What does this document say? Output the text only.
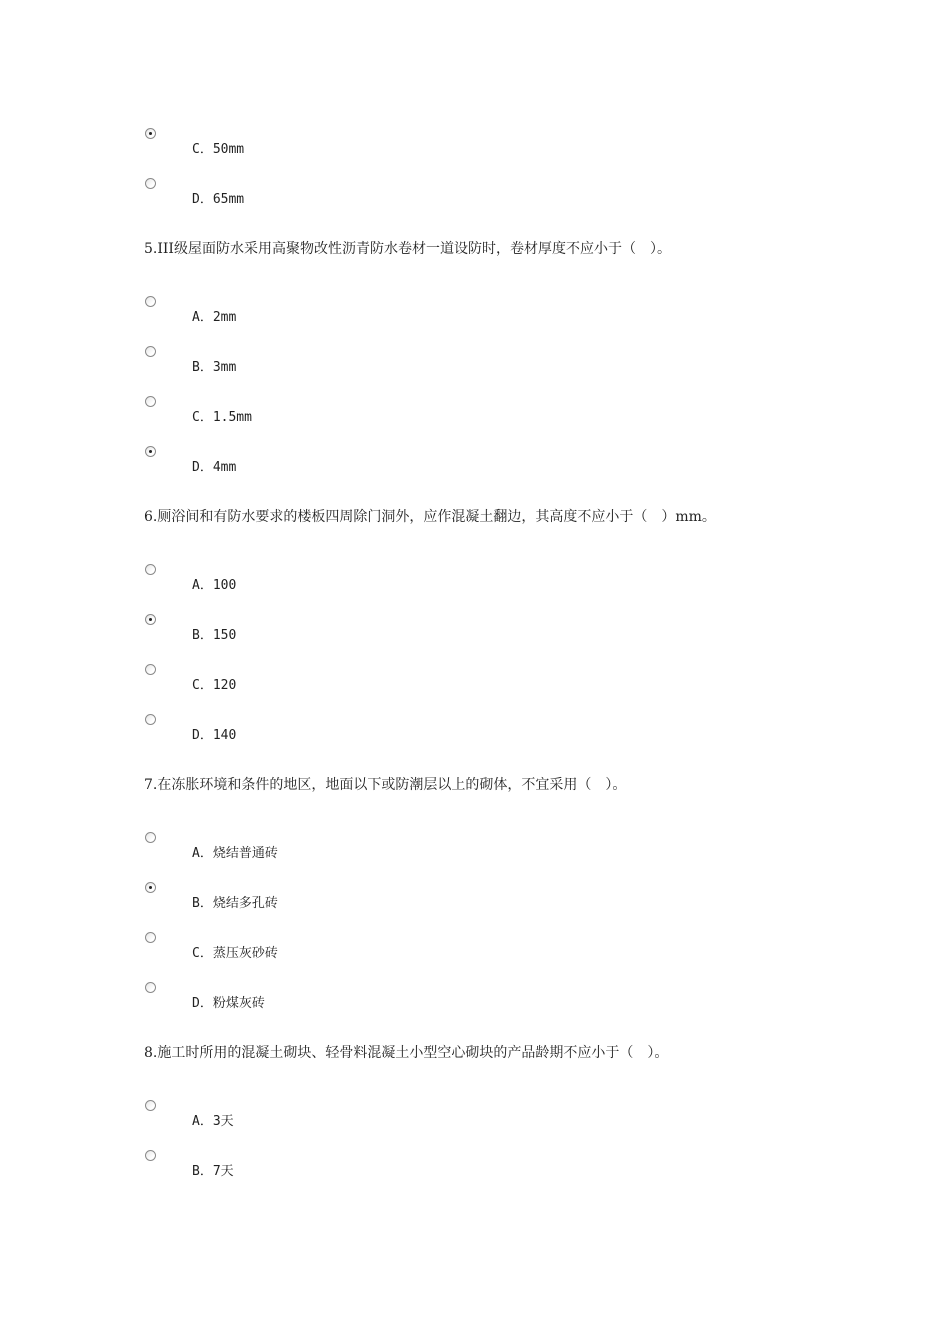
C．50mm
D．65mm
5.III级屋面防水采用高聚物改性沥青防水卷材一道设防时，卷材厚度不应小于（　）。
A．2mm
B．3mm
C．1.5mm
D．4mm
6.厕浴间和有防水要求的楼板四周除门洞外，应作混凝土翻边，其高度不应小于（　）mm。
A．100
B．150
C．120
D．140
7.在冻胀环境和条件的地区，地面以下或防潮层以上的砌体，不宜采用（　）。
A．烧结普通砖
B．烧结多孔砖
C．蒸压灰砂砖
D．粉煤灰砖
8.施工时所用的混凝土砌块、轻骨料混凝土小型空心砌块的产品龄期不应小于（　）。
A．3天
B．7天
